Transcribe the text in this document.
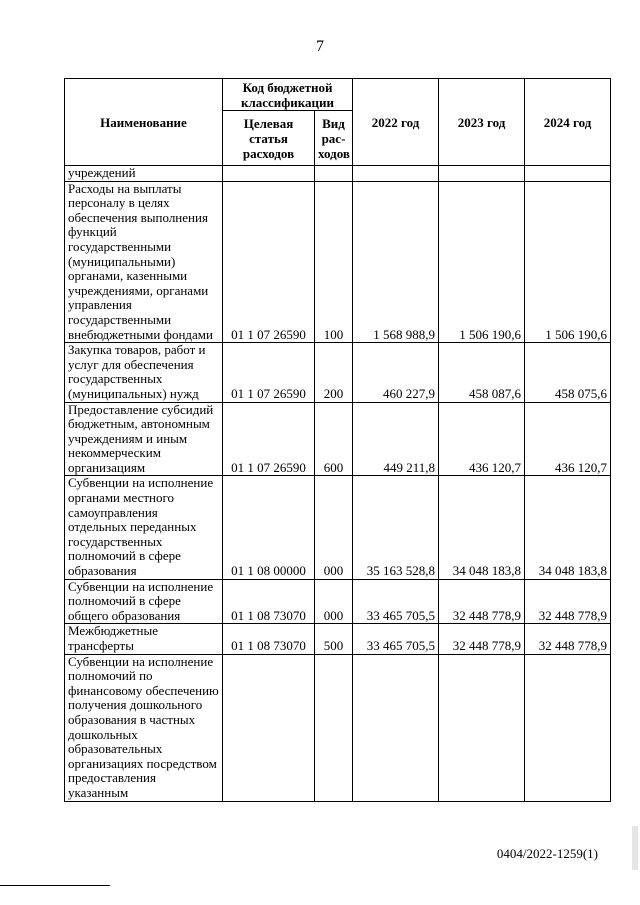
7
Наименование	Код бюджетной классификации		2022 год	2023 год	2024 год
	Целевая статья расходов	Вид рас-ходов			
учреждений					
Расходы на выплаты персоналу в целях обеспечения выполнения функций государственными (муниципальными) органами, казенными учреждениями, органами управления государственными внебюджетными фондами	01 1 07 26590	100	1 568 988,9	1 506 190,6	1 506 190,6
Закупка товаров, работ и услуг для обеспечения государственных (муниципальных) нужд	01 1 07 26590	200	460 227,9	458 087,6	458 075,6
Предоставление субсидий бюджетным, автономным учреждениям и иным некоммерческим организациям	01 1 07 26590	600	449 211,8	436 120,7	436 120,7
Субвенции на исполнение органами местного самоуправления отдельных переданных государственных полномочий в сфере образования	01 1 08 00000	000	35 163 528,8	34 048 183,8	34 048 183,8
Субвенции на исполнение полномочий в сфере общего образования	01 1 08 73070	000	33 465 705,5	32 448 778,9	32 448 778,9
Межбюджетные трансферты	01 1 08 73070	500	33 465 705,5	32 448 778,9	32 448 778,9
Субвенции на исполнение полномочий по финансовому обеспечению получения дошкольного образования в частных дошкольных образовательных организациях посредством предоставления указанным					
0404/2022-1259(1)
